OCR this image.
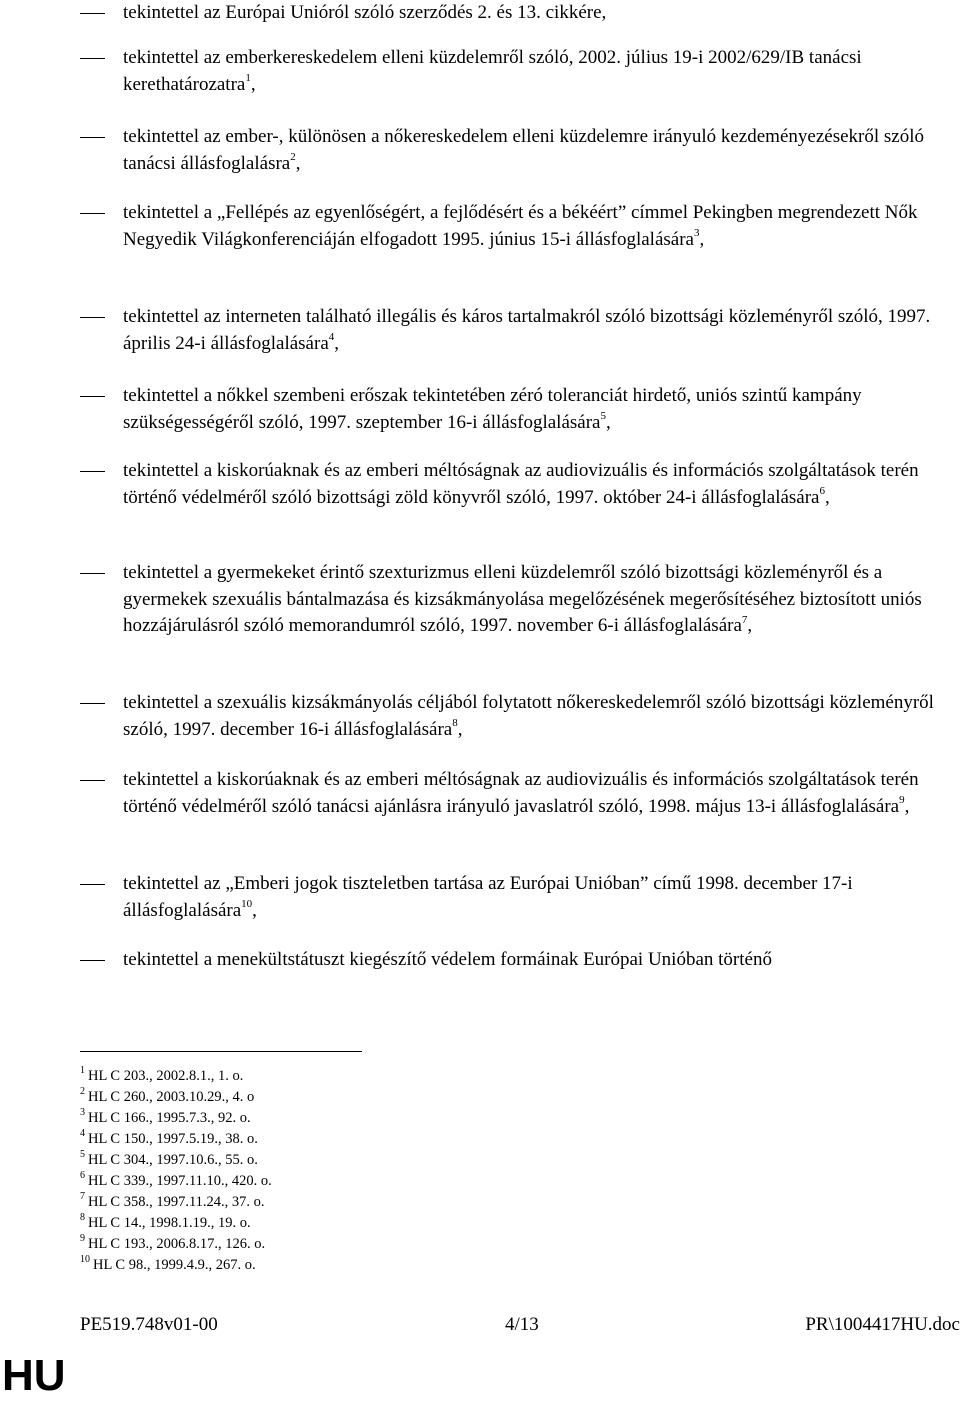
tekintettel az Európai Unióról szóló szerződés 2. és 13. cikkére,
tekintettel az emberkereskedelem elleni küzdelemről szóló, 2002. július 19-i 2002/629/IB tanácsi kerethatározatra$^1$,
tekintettel az ember-, különösen a nőkereskedelem elleni küzdelemre irányuló kezdeményezésekről szóló tanácsi állásfoglalásra$^2$,
tekintettel a „Fellépés az egyenlőségért, a fejlődésért és a békéért” címmel Pekingben megrendezett Nők Negyedik Világkonferenciáján elfogadott 1995. június 15-i állásfoglalására$^3$,
tekintettel az interneten található illegális és káros tartalmakról szóló bizottsági közleményről szóló, 1997. április 24-i állásfoglalására$^4$,
tekintettel a nőkkel szembeni erőszak tekintetében zéró toleranciát hirdető, uniós szintű kampány szükségességéről szóló, 1997. szeptember 16-i állásfoglalására$^5$,
tekintettel a kiskorúaknak és az emberi méltóságnak az audiovizuális és információs szolgáltatások terén történő védelméről szóló bizottsági zöld könyvről szóló, 1997. október 24-i állásfoglalására$^6$,
tekintettel a gyermekeket érintő szexturizmus elleni küzdelemről szóló bizottsági közleményről és a gyermekek szexuális bántalmazása és kizsákmányolása megelőzésének megerősítéséhez biztosított uniós hozzájárulásról szóló memorandumról szóló, 1997. november 6-i állásfoglalására$^7$,
tekintettel a szexuális kizsákmányolás céljából folytatott nőkereskedelemről szóló bizottsági közleményről szóló, 1997. december 16-i állásfoglalására$^8$,
tekintettel a kiskorúaknak és az emberi méltóságnak az audiovizuális és információs szolgáltatások terén történő védelméről szóló tanácsi ajánlásra irányuló javaslatról szóló, 1998. május 13-i állásfoglalására$^9$,
tekintettel az „Emberi jogok tiszteletben tartása az Európai Unióban” című 1998. december 17-i állásfoglalására$^{10}$,
tekintettel a menekültstátuszt kiegészítő védelem formáinak Európai Unióban történő
$^1$ HL C 203., 2002.8.1., 1. o.
$^2$ HL C 260., 2003.10.29., 4. o
$^3$ HL C 166., 1995.7.3., 92. o.
$^4$ HL C 150., 1997.5.19., 38. o.
$^5$ HL C 304., 1997.10.6., 55. o.
$^6$ HL C 339., 1997.11.10., 420. o.
$^7$ HL C 358., 1997.11.24., 37. o.
$^8$ HL C 14., 1998.1.19., 19. o.
$^9$ HL C 193., 2006.8.17., 126. o.
$^{10}$ HL C 98., 1999.4.9., 267. o.
PE519.748v01-00	4/13	PR\1004417HU.doc
HU
